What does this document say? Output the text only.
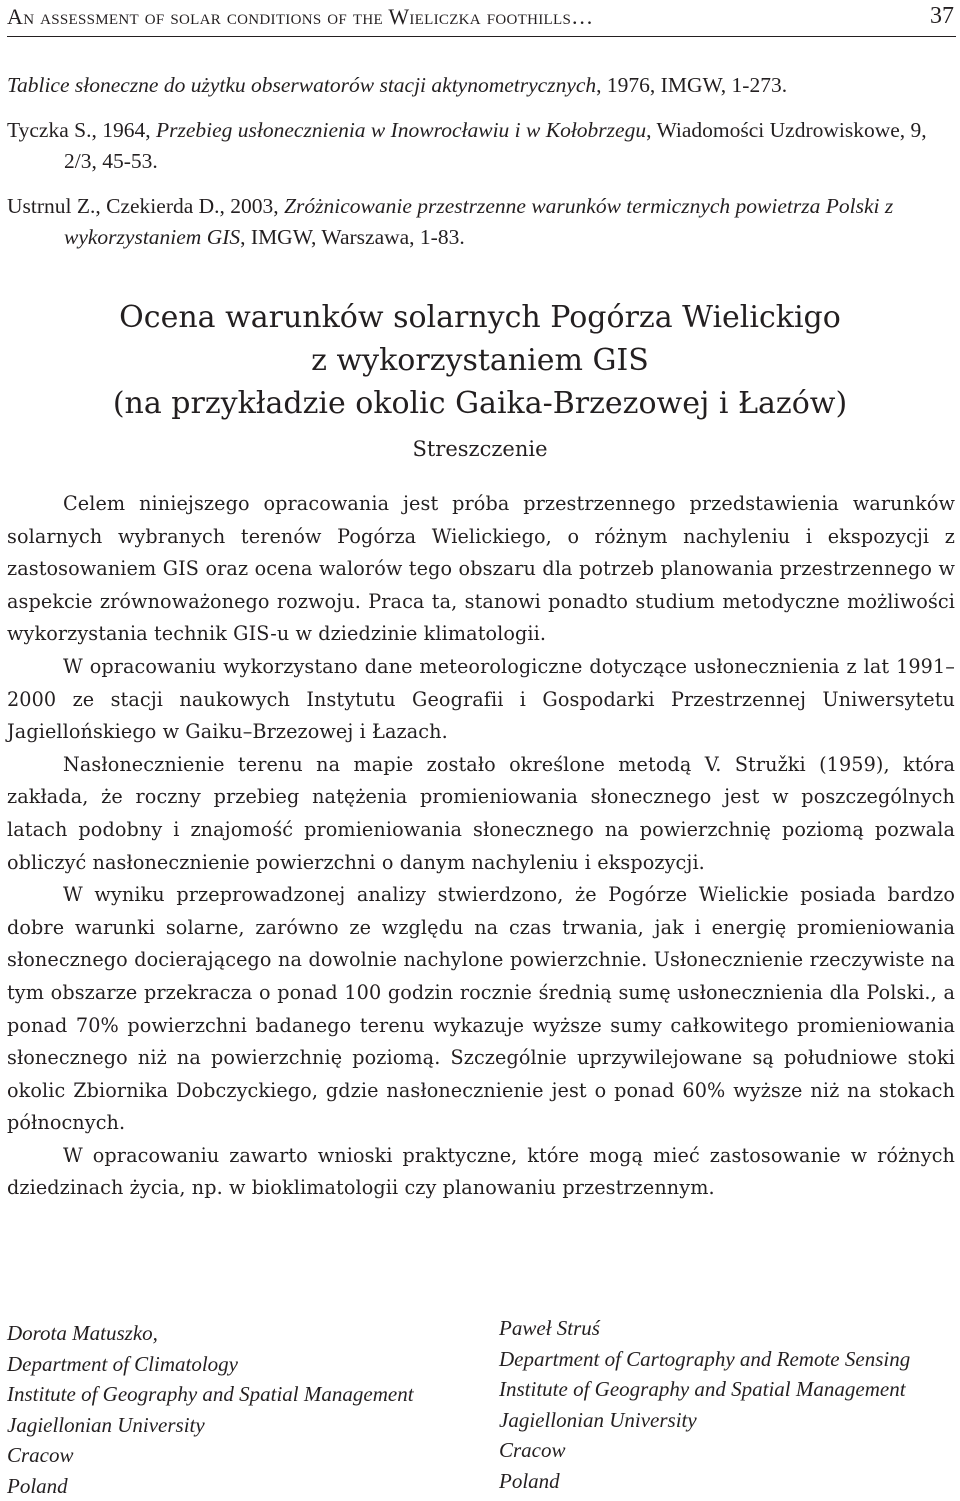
An assessment of solar conditions of the Wieliczka foothills…	37

Tablice słoneczne do użytku obserwatorów stacji aktynometrycznych, 1976, IMGW, 1-273.

Tyczka S., 1964, Przebieg usłonecznienia w Inowrocławiu i w Kołobrzegu, Wiadomości Uzdrowiskowe, 9, 2/3, 45-53.

Ustrnul Z., Czekierda D., 2003, Zróżnicowanie przestrzenne warunków termicznych powietrza Polski z wykorzystaniem GIS, IMGW, Warszawa, 1-83.

Ocena warunków solarnych Pogórza Wielickigo
z wykorzystaniem GIS
(na przykładzie okolic Gaika-Brzezowej i Łazów)
Streszczenie

Celem niniejszego opracowania jest próba przestrzennego przedstawienia warunków solarnych wybranych terenów Pogórza Wielickiego, o różnym nachyleniu i ekspozycji z zastosowaniem GIS oraz ocena walorów tego obszaru dla potrzeb planowania przestrzennego w aspekcie zrównoważonego rozwoju. Praca ta, stanowi ponadto studium metodyczne możliwości wykorzystania technik GIS-u w dziedzinie klimatologii.

W opracowaniu wykorzystano dane meteorologiczne dotyczące usłonecznienia z lat 1991–2000 ze stacji naukowych Instytutu Geografii i Gospodarki Przestrzennej Uniwersytetu Jagiellońskiego w Gaiku–Brzezowej i Łazach.

Nasłonecznienie terenu na mapie zostało określone metodą V. Stružki (1959), która zakłada, że roczny przebieg natężenia promieniowania słonecznego jest w poszczególnych latach podobny i znajomość promieniowania słonecznego na powierzchnię poziomą pozwala obliczyć nasłonecznienie powierzchni o danym nachyleniu i ekspozycji.

W wyniku przeprowadzonej analizy stwierdzono, że Pogórze Wielickie posiada bardzo dobre warunki solarne, zarówno ze względu na czas trwania, jak i energię promieniowania słonecznego docierającego na dowolnie nachylone powierzchnie. Usłonecznienie rzeczywiste na tym obszarze przekracza o ponad 100 godzin rocznie średnią sumę usłonecznienia dla Polski., a ponad 70% powierzchni badanego terenu wykazuje wyższe sumy całkowitego promieniowania słonecznego niż na powierzchnię poziomą. Szczególnie uprzywilejowane są południowe stoki okolic Zbiornika Dobczyckiego, gdzie nasłonecznienie jest o ponad 60% wyższe niż na stokach północnych.

W opracowaniu zawarto wnioski praktyczne, które mogą mieć zastosowanie w różnych dziedzinach życia, np. w bioklimatologii czy planowaniu przestrzennym.

Dorota Matuszko,
Department of Climatology
Institute of Geography and Spatial Management
Jagiellonian University
Cracow
Poland
Paweł Struś
Department of Cartography and Remote Sensing
Institute of Geography and Spatial Management
Jagiellonian University
Cracow
Poland
